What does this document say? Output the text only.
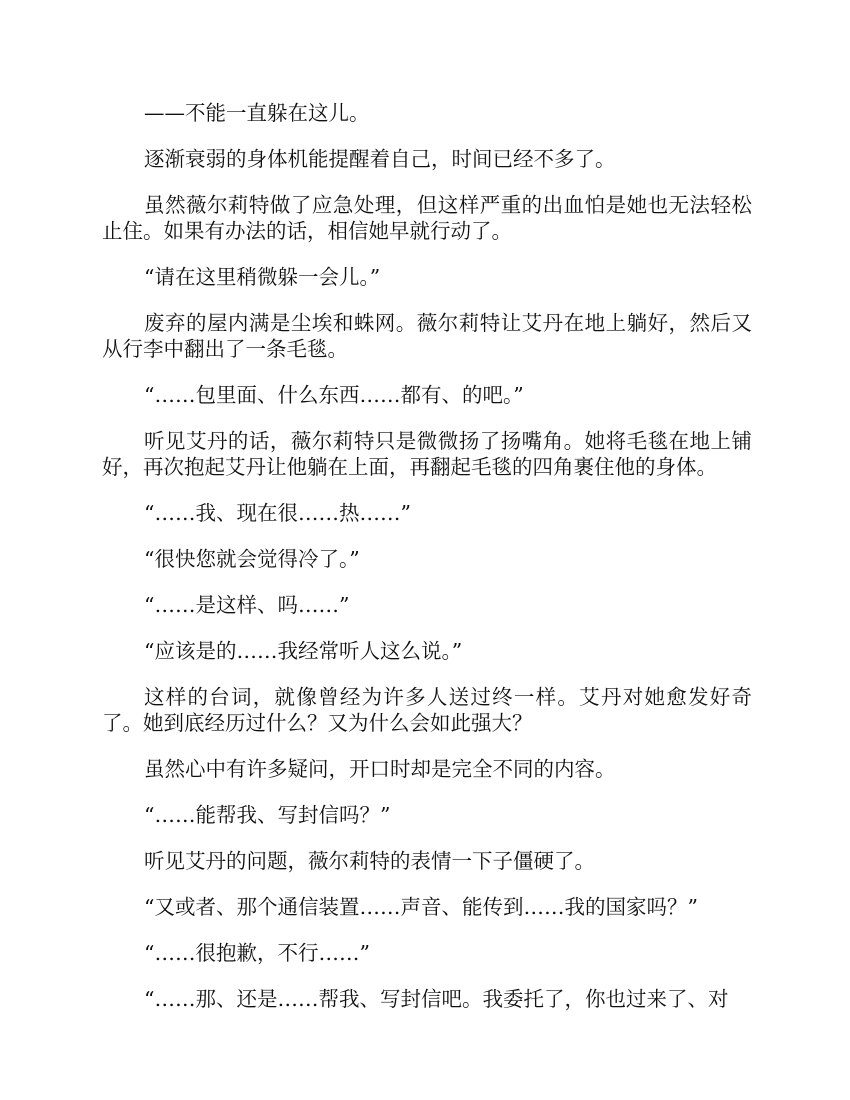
——不能一直躲在这儿。

逐渐衰弱的身体机能提醒着自己，时间已经不多了。

虽然薇尔莉特做了应急处理，但这样严重的出血怕是她也无法轻松止住。如果有办法的话，相信她早就行动了。

“请在这里稍微躲一会儿。”

废弃的屋内满是尘埃和蛛网。薇尔莉特让艾丹在地上躺好，然后又从行李中翻出了一条毛毯。

“……包里面、什么东西……都有、的吧。”

听见艾丹的话，薇尔莉特只是微微扬了扬嘴角。她将毛毯在地上铺好，再次抱起艾丹让他躺在上面，再翻起毛毯的四角裹住他的身体。

“……我、现在很……热……”

“很快您就会觉得冷了。”

“……是这样、吗……”

“应该是的……我经常听人这么说。”

这样的台词，就像曾经为许多人送过终一样。艾丹对她愈发好奇了。她到底经历过什么？又为什么会如此强大？

虽然心中有许多疑问，开口时却是完全不同的内容。

“……能帮我、写封信吗？”

听见艾丹的问题，薇尔莉特的表情一下子僵硬了。

“又或者、那个通信装置……声音、能传到……我的国家吗？”

“……很抱歉，不行……”

“……那、还是……帮我、写封信吧。我委托了，你也过来了、对
